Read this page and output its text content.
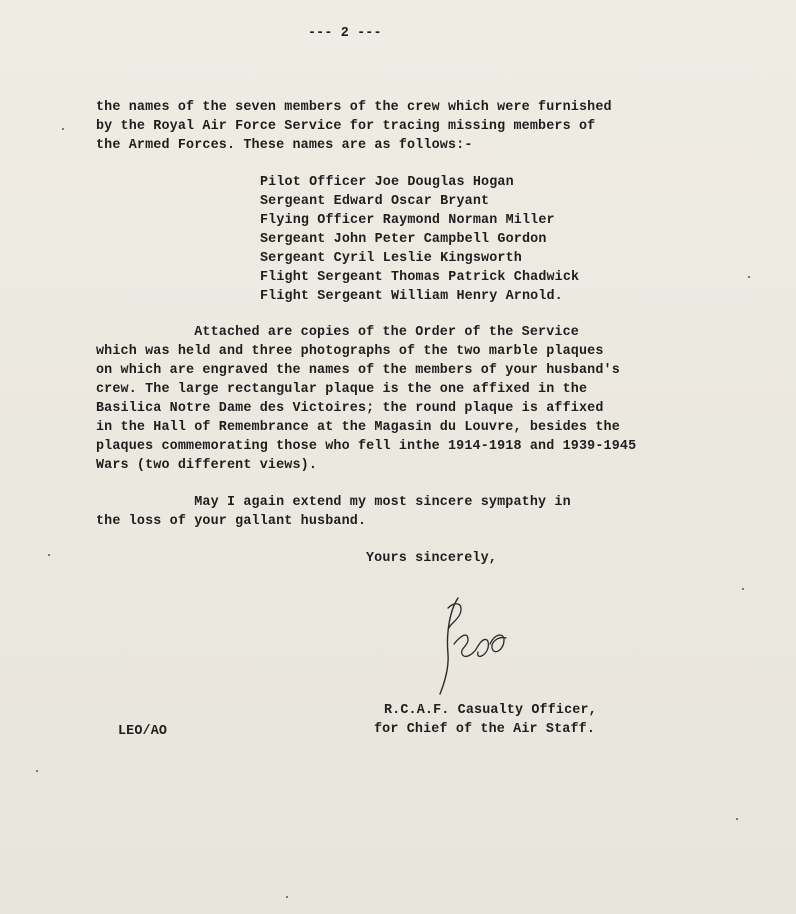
--- 2 ---
the names of the seven members of the crew which were furnished
by the Royal Air Force Service for tracing missing members of
the Armed Forces. These names are as follows:-
Pilot Officer Joe Douglas Hogan
Sergeant Edward Oscar Bryant
Flying Officer Raymond Norman Miller
Sergeant John Peter Campbell Gordon
Sergeant Cyril Leslie Kingsworth
Flight Sergeant Thomas Patrick Chadwick
Flight Sergeant William Henry Arnold.
Attached are copies of the Order of the Service
which was held and three photographs of the two marble plaques
on which are engraved the names of the members of your husband's
crew. The large rectangular plaque is the one affixed in the
Basilica Notre Dame des Victoires; the round plaque is affixed
in the Hall of Remembrance at the Magasin du Louvre, besides the
plaques commemorating those who fell inthe 1914-1918 and 1939-1945
Wars (two different views).
May I again extend my most sincere sympathy in
the loss of your gallant husband.
Yours sincerely,
R.C.A.F. Casualty Officer,
for Chief of the Air Staff.
LEO/AO
